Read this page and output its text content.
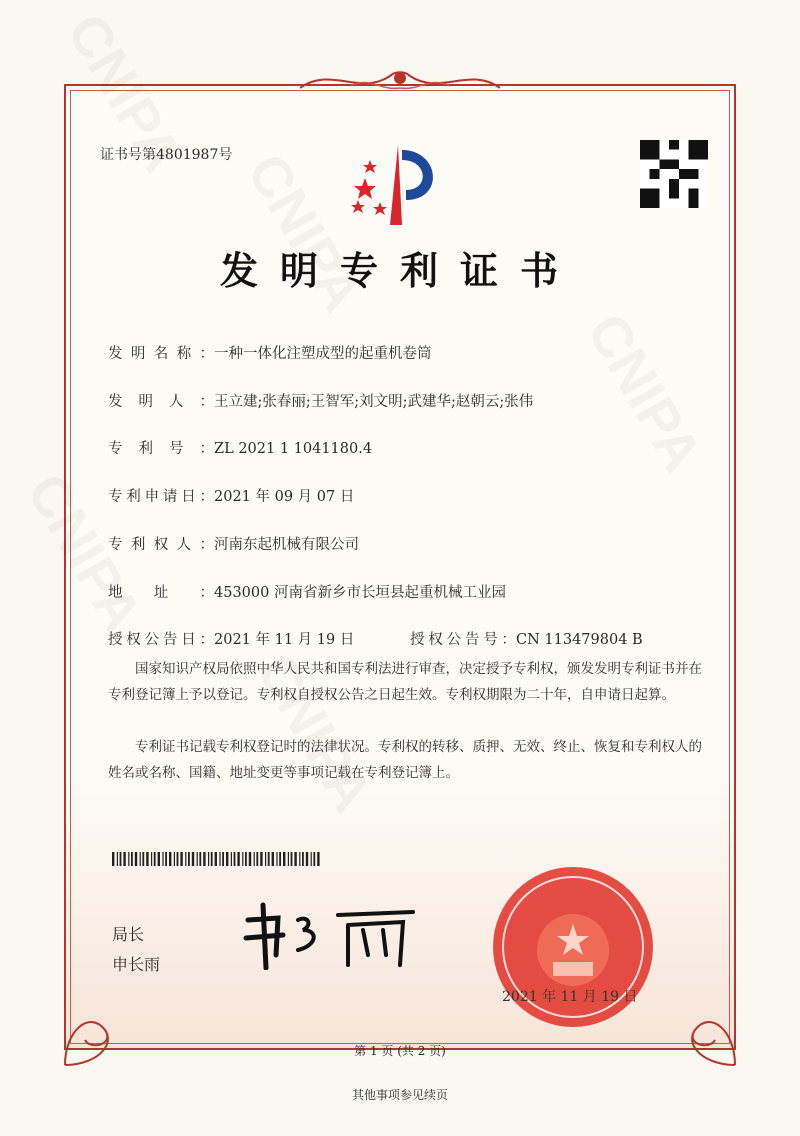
证书号第4801987号
发明专利证书
发明名称：一种一体化注塑成型的起重机卷筒
发明人：王立建;张春丽;王智军;刘文明;武建华;赵朝云;张伟
专利号：ZL 2021 1 1041180.4
专利申请日：2021 年 09 月 07 日
专利权人：河南东起机械有限公司
地址：453000 河南省新乡市长垣县起重机械工业园
授权公告日：2021 年 11 月 19 日	授权公告号：CN 113479804 B
国家知识产权局依照中华人民共和国专利法进行审查，决定授予专利权，颁发发明专利证书并在专利登记簿上予以登记。专利权自授权公告之日起生效。专利权期限为二十年，自申请日起算。
专利证书记载专利权登记时的法律状况。专利权的转移、质押、无效、终止、恢复和专利权人的姓名或名称、国籍、地址变更等事项记载在专利登记簿上。
局长
申长雨
2021 年 11 月 19 日
第 1 页 (共 2 页)
其他事项参见续页
